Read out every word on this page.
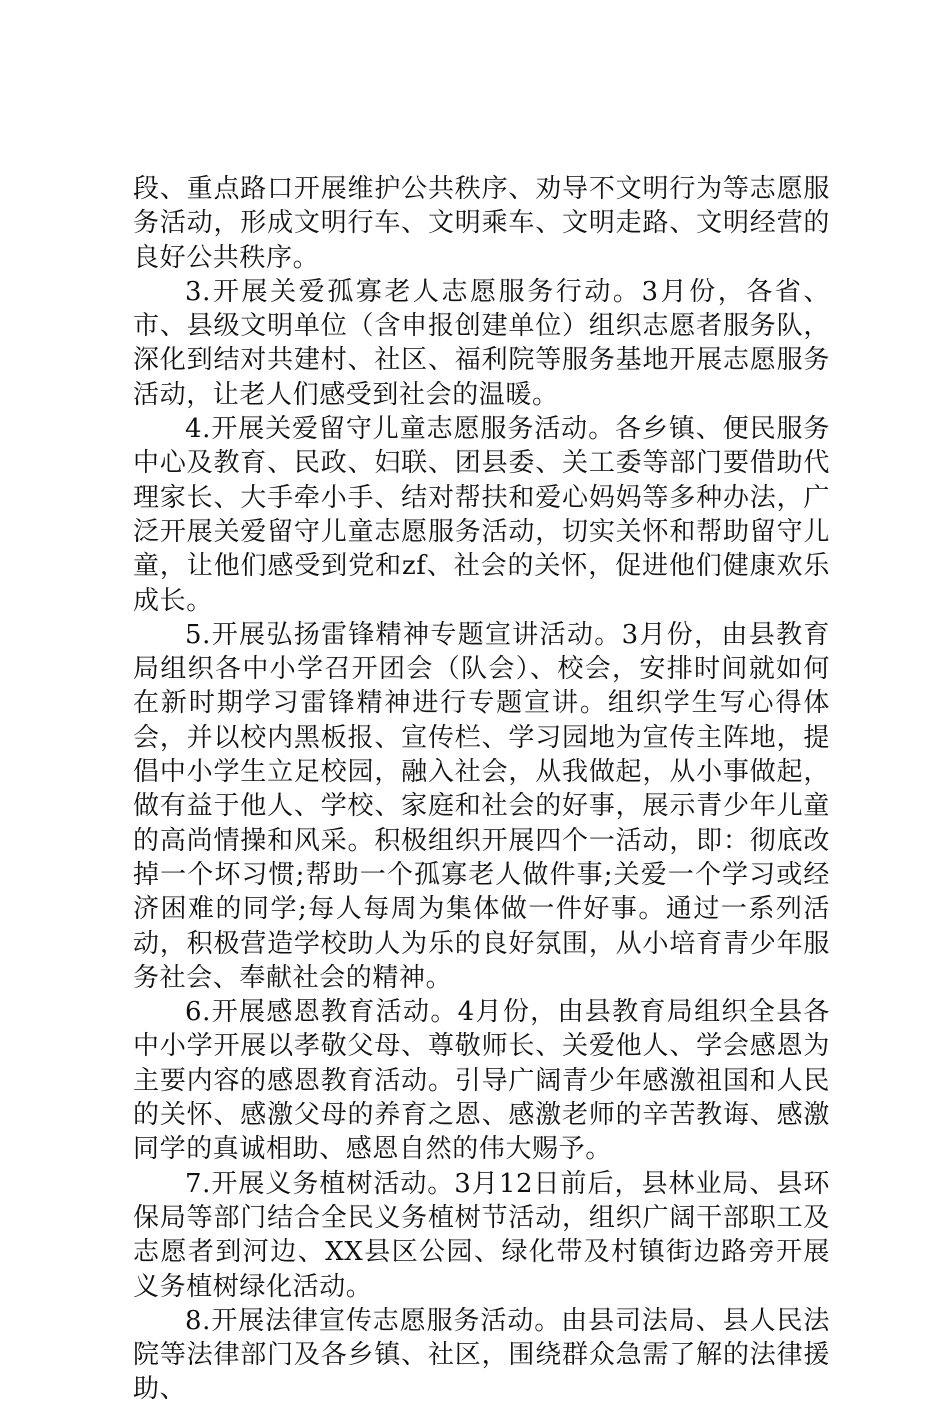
段、重点路口开展维护公共秩序、劝导不文明行为等志愿服务活动，形成文明行车、文明乘车、文明走路、文明经营的良好公共秩序。

3.开展关爱孤寡老人志愿服务行动。3月份，各省、市、县级文明单位（含申报创建单位）组织志愿者服务队，深化到结对共建村、社区、福利院等服务基地开展志愿服务活动，让老人们感受到社会的温暖。

4.开展关爱留守儿童志愿服务活动。各乡镇、便民服务中心及教育、民政、妇联、团县委、关工委等部门要借助代理家长、大手牵小手、结对帮扶和爱心妈妈等多种办法，广泛开展关爱留守儿童志愿服务活动，切实关怀和帮助留守儿童，让他们感受到党和zf、社会的关怀，促进他们健康欢乐成长。

5.开展弘扬雷锋精神专题宣讲活动。3月份，由县教育局组织各中小学召开团会（队会）、校会，安排时间就如何在新时期学习雷锋精神进行专题宣讲。组织学生写心得体会，并以校内黑板报、宣传栏、学习园地为宣传主阵地，提倡中小学生立足校园，融入社会，从我做起，从小事做起，做有益于他人、学校、家庭和社会的好事，展示青少年儿童的高尚情操和风采。积极组织开展四个一活动，即：彻底改掉一个坏习惯;帮助一个孤寡老人做件事;关爱一个学习或经济困难的同学;每人每周为集体做一件好事。通过一系列活动，积极营造学校助人为乐的良好氛围，从小培育青少年服务社会、奉献社会的精神。

6.开展感恩教育活动。4月份，由县教育局组织全县各中小学开展以孝敬父母、尊敬师长、关爱他人、学会感恩为主要内容的感恩教育活动。引导广阔青少年感激祖国和人民的关怀、感激父母的养育之恩、感激老师的辛苦教诲、感激同学的真诚相助、感恩自然的伟大赐予。

7.开展义务植树活动。3月12日前后，县林业局、县环保局等部门结合全民义务植树节活动，组织广阔干部职工及志愿者到河边、XX县区公园、绿化带及村镇街边路旁开展义务植树绿化活动。

8.开展法律宣传志愿服务活动。由县司法局、县人民法院等法律部门及各乡镇、社区，围绕群众急需了解的法律援助、
